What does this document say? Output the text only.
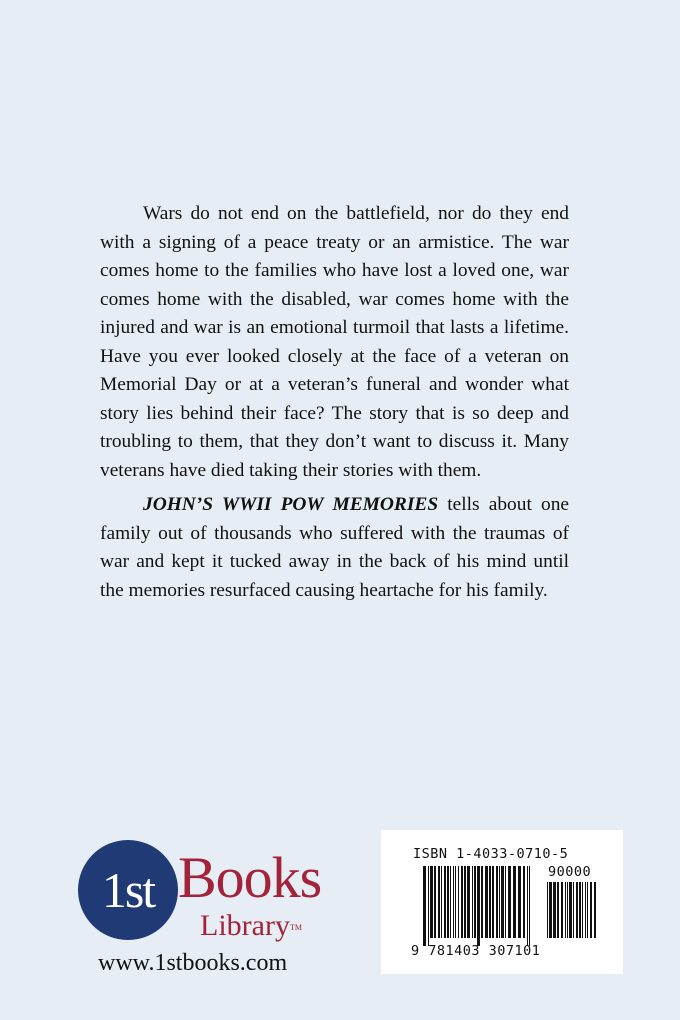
Wars do not end on the battlefield, nor do they end with a signing of a peace treaty or an armistice. The war comes home to the families who have lost a loved one, war comes home with the disabled, war comes home with the injured and war is an emotional turmoil that lasts a lifetime. Have you ever looked closely at the face of a veteran on Memorial Day or at a veteran’s funeral and wonder what story lies behind their face? The story that is so deep and troubling to them, that they don’t want to discuss it. Many veterans have died taking their stories with them.

JOHN’S WWII POW MEMORIES tells about one family out of thousands who suffered with the traumas of war and kept it tucked away in the back of his mind until the memories resurfaced causing heartache for his family.

1st Books
Library™
www.1stbooks.com
ISBN 1-4033-0710-5
90000
9 781403 307101
